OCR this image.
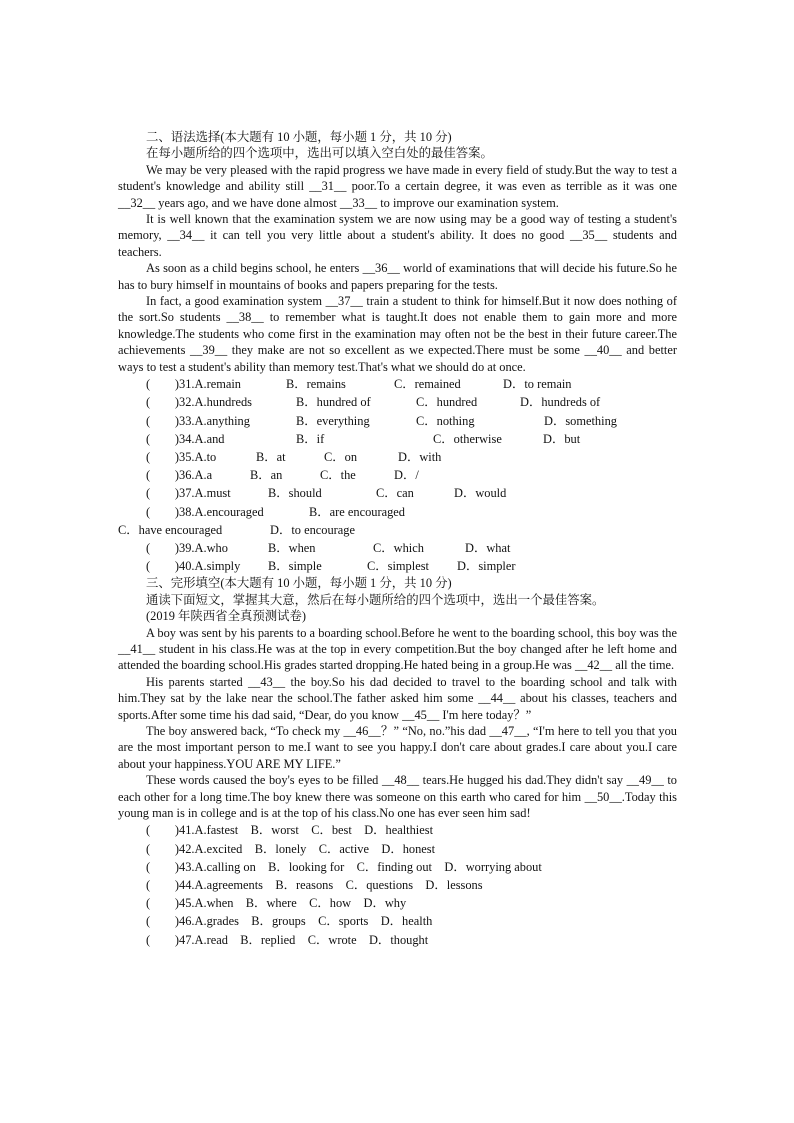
二、语法选择(本大题有 10 小题，每小题 1 分，共 10 分)

在每小题所给的四个选项中，选出可以填入空白处的最佳答案。

We may be very pleased with the rapid progress we have made in every field of study.But the way to test a student's knowledge and ability still __31__ poor.To a certain degree, it was even as terrible as it was one __32__ years ago, and we have done almost __33__ to improve our examination system.

It is well known that the examination system we are now using may be a good way of testing a student's memory, __34__ it can tell you very little about a student's ability. It does no good __35__ students and teachers.

As soon as a child begins school, he enters __36__ world of examinations that will decide his future.So he has to bury himself in mountains of books and papers preparing for the tests.

In fact, a good examination system __37__ train a student to think for himself.But it now does nothing of the sort.So students __38__ to remember what is taught.It does not enable them to gain more and more knowledge.The students who come first in the examination may often not be the best in their future career.The achievements __39__ they make are not so excellent as we expected.There must be some __40__ and better ways to test a student's ability than memory test.That's what we should do at once.

(　　)31.A.remain	B．remains	C．remained	D．to remain
(　　)32.A.hundreds	B．hundred of	C．hundred	D．hundreds of
(　　)33.A.anything	B．everything	C．nothing	D．something
(　　)34.A.and	B．if	C．otherwise	D．but
(　　)35.A.to	B．at	C．on	D．with
(　　)36.A.a	B．an	C．the	D．/
(　　)37.A.must	B．should	C．can	D．would
(　　)38.A.encouraged	B．are encouraged
C．have encouraged	D．to encourage
(　　)39.A.who	B．when	C．which	D．what
(　　)40.A.simply B．simple	C．simplest D．simpler

三、完形填空(本大题有 10 小题，每小题 1 分，共 10 分)

通读下面短文，掌握其大意，然后在每小题所给的四个选项中，选出一个最佳答案。

(2019 年陕西省全真预测试卷)

A boy was sent by his parents to a boarding school.Before he went to the boarding school, this boy was the __41__ student in his class.He was at the top in every competition.But the boy changed after he left home and attended the boarding school.His grades started dropping.He hated being in a group.He was __42__ all the time.

His parents started __43__ the boy.So his dad decided to travel to the boarding school and talk with him.They sat by the lake near the school.The father asked him some __44__ about his classes, teachers and sports.After some time his dad said, “Dear, do you know __45__ I'm here today？”

The boy answered back, “To check my __46__？” “No, no.”his dad __47__, “I'm here to tell you that you are the most important person to me.I want to see you happy.I don't care about grades.I care about you.I care about your happiness.YOU ARE MY LIFE.”

These words caused the boy's eyes to be filled __48__ tears.He hugged his dad.They didn't say __49__ to each other for a long time.The boy knew there was someone on this earth who cared for him __50__.Today this young man is in college and is at the top of his class.No one has ever seen him sad!

(　　)41.A.fastest　B．worst　C．best　D．healthiest
(　　)42.A.excited　B．lonely　C．active　D．honest
(　　)43.A.calling on　B．looking for　C．finding out　D．worrying about
(　　)44.A.agreements　B．reasons　C．questions　D．lessons
(　　)45.A.when　B．where　C．how　D．why
(　　)46.A.grades　B．groups　C．sports　D．health
(　　)47.A.read　B．replied　C．wrote　D．thought
